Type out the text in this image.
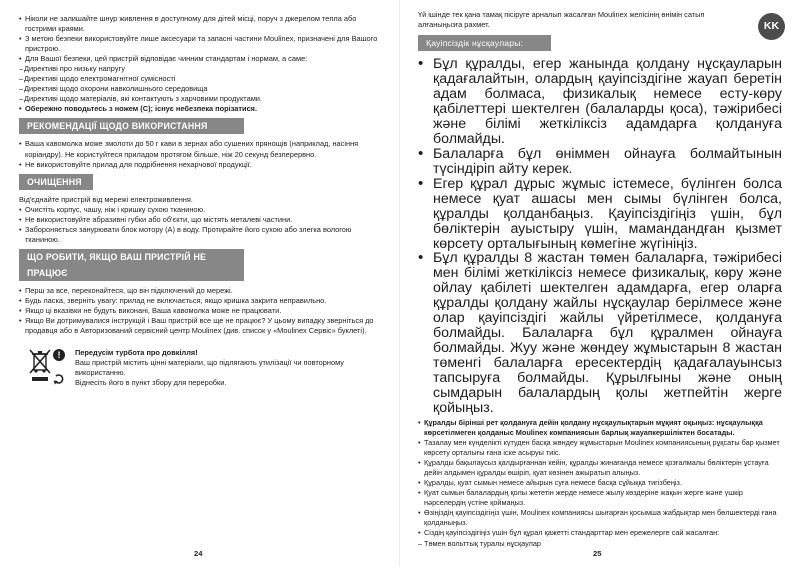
• Ніколи не залишайте шнур живлення в доступному для дітей місці, поруч з джерелом тепла або гострими краями.
• З метою безпеки використовуйте лише аксесуари та запасні частини Moulinex, призначені для Вашого пристрою.
• Для Вашої безпеки, цей пристрій відповідає чинним стандартам і нормам, а саме:
– Директиві про низьку напругу
– Директиві щодо електромагнітної сумісності
– Директиві щодо охорони навколишнього середовища
– Директиві щодо матеріалів, які контактують з харчовими продуктами.
• Обережно поводьтесь з ножем (С); існує небезпека порізатися.
РЕКОМЕНДАЦІЇ ЩОДО ВИКОРИСТАННЯ
• Ваша кавомолка може змолоти до 50 г кави в зернах або сушених прянощів (наприклад, насіння коріандру). Не користуйтеся приладом протягом більше, ніж 20 секунд безперервно.
• Не використовуйте прилад для подрібнення нехарчової продукції.
ОЧИЩЕННЯ
Від'єднайте пристрій від мережі електроживлення.
• Очистіть корпус, чашу, ніж і кришку сухою тканиною.
• Не використовуйте абразивні губки або об'єкти, що містять металеві частини.
• Забороняється занурювати блок мотору (А) в воду. Протирайте його сухою або злегка вологою тканиною.
ЩО РОБИТИ, ЯКЩО ВАШ ПРИСТРІЙ НЕ ПРАЦЮЄ
• Перш за все, переконайтеся, що він підключений до мережі.
• Будь ласка, зверніть увагу: прилад не включається, якщо кришка закрита неправильно.
• Якщо ці вказівки не будуть виконані, Ваша кавомолка може не працювати.
• Якщо Ви дотримувалися інструкцій і Ваш пристрій все ще не працює? У цьому випадку зверніться до продавця або в Авторизований сервісний центр Moulinex (див. список у «Moulinex Сервіс» буклеті).
!	Передусім турбота про довкілля!
Ваш пристрій містить цінні матеріали, що підлягають утилізації чи повторному використанню.
Віднесіть його в пункт збору для переробки.
24
KK
Үй ішінде тек қана тамақ пісіруге арналып жасалған Moulinex желісінің өнімін сатып алғаныңызға рахмет.
Қауіпсіздік нұсқаулары:
• Бұл құралды, егер жанында қолдану нұсқауларын қадағалайтын, олардың қауіпсіздігіне жауап беретін адам болмаса, физикалық немесе есту-көру қабілеттері шектелген (балаларды қоса), тәжірибесі және білімі жеткіліксіз адамдарға қолдануға болмайды.
• Балаларға бұл өніммен ойнауға болмайтынын түсіндіріп айту керек.
• Егер құрал дұрыс жұмыс істемесе, бүлінген болса немесе қуат ашасы мен сымы бүлінген болса, құралды қолданбаңыз. Қауіпсіздігіңіз үшін, бұл бөліктерін ауыстыру үшін, мамандандған қызмет көрсету орталығының көмегіне жүгініңіз.
• Бұл құралды 8 жастан төмен балаларға, тәжірибесі мен білімі жеткіліксіз немесе физикалық, көру және ойлау қабілеті шектелген адамдарға, егер оларға құралды қолдану жайлы нұсқаулар берілмесе және олар қауіпсіздігі жайлы үйретілмесе, қолдануға болмайды. Балаларға бұл құралмен ойнауға болмайды. Жуу және жөндеу жұмыстарын 8 жастан төменгі балаларға ересектердің қадағалауынсыз тапсыруға болмайды. Құрылғыны және оның сымдарын балалардың қолы жетпейтін жерге қойыңыз.
• Құралды бірінші рет қолдануға дейін қолдану нұсқаулықтарын мұқият оқыңыз: нұсқаулыққа көрсетілмеген қолданыс Moulinex компаниясын барлық жауапкершіліктен босатады.
• Тазалау мен күнделікті күтуден басқа жөндеу жұмыстарын Moulinex компаниясының рұқсаты бар қызмет көрсету орталығы ғана іске асыруы тиіс.
• Құралды бақылаусыз қалдырғаннан кейін, құралды жинағанда немесе қозғалмалы бөліктерін ұстауға дейін алдымен құралды өшіріп, қуат көзінен ажыратып алыңыз.
• Құралды, қуат сымын немесе айырын суға немесе басқа сұйыққа тигізбеңіз.
• Қуат сымын балалардың қолы жететін жерде немесе жылу көздеріне жақын жерге және үшкір нәрселердің үстіне қоймаңыз.
• Өзіңіздің қауіпсіздігіңіз үшін, Moulinex компаниясы шығарған қосымша жабдықтар мен бөлшектерді ғана қолданыңыз.
• Сіздің қауіпсіздігіңіз үшін бұл құрал қажетті стандарттар мен ережелерге сай жасалған:
– Төмен вольттық туралы нұсқаулар
25
